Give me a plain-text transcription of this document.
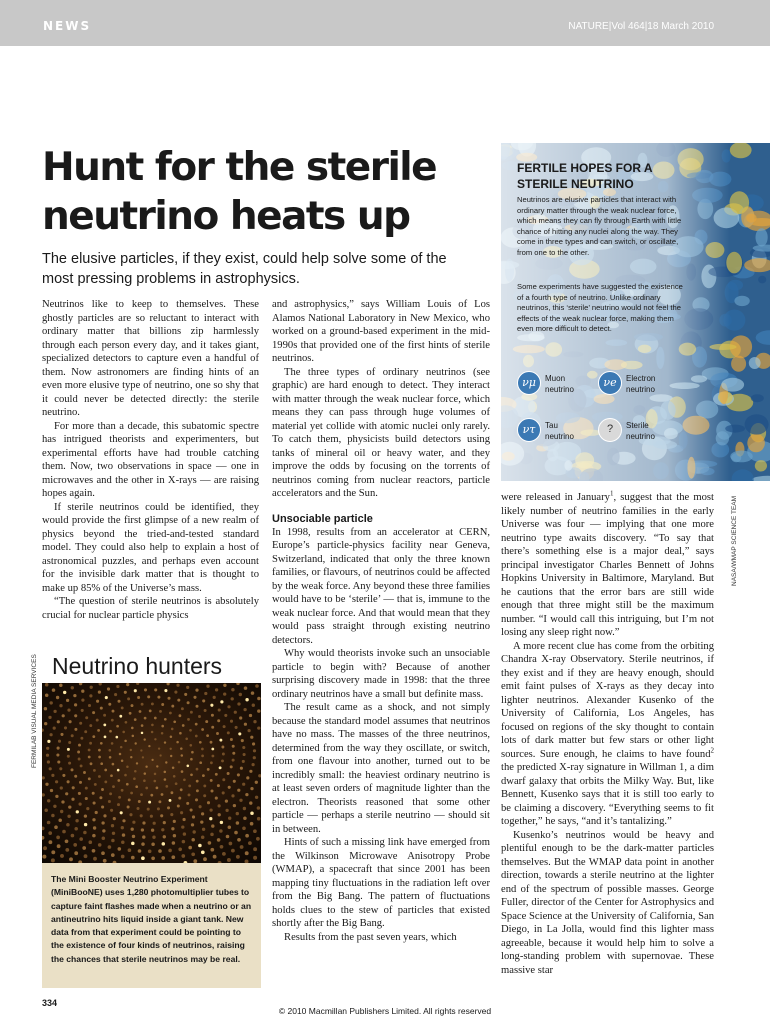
NEWS	NATURE|Vol 464|18 March 2010
Hunt for the sterile
neutrino heats up

The elusive particles, if they exist, could help solve some of the most pressing problems in astrophysics.

Neutrinos like to keep to themselves. These ghostly particles are so reluctant to interact with ordinary matter that billions zip harmlessly through each person every day, and it takes giant, specialized detectors to capture even a handful of them. Now astronomers are finding hints of an even more elusive type of neutrino, one so shy that it could never be detected directly: the sterile neutrino.

For more than a decade, this subatomic spectre has intrigued theorists and experimenters, but experimental efforts have had trouble catching them. Now, two observations in space — one in microwaves and the other in X-rays — are raising hopes again.

If sterile neutrinos could be identified, they would provide the first glimpse of a new realm of physics beyond the tried-and-tested standard model. They could also help to explain a host of astronomical puzzles, and perhaps even account for the invisible dark matter that is thought to make up 85% of the Universe’s mass.

“The question of sterile neutrinos is absolutely crucial for nuclear particle physics

Neutrino hunters
The Mini Booster Neutrino Experiment (MiniBooNE) uses 1,280 photomultiplier tubes to capture faint flashes made when a neutrino or an antineutrino hits liquid inside a giant tank. New data from that experiment could be pointing to the existence of four kinds of neutrinos, raising the chances that sterile neutrinos may be real.
FERMILAB VISUAL MEDIA SERVICES

and astrophysics,” says William Louis of Los Alamos National Laboratory in New Mexico, who worked on a ground-based experiment in the mid-1990s that provided one of the first hints of sterile neutrinos.

The three types of ordinary neutrinos (see graphic) are hard enough to detect. They interact with matter through the weak nuclear force, which means they can pass through huge volumes of material yet collide with atomic nuclei only rarely. To catch them, physicists build detectors using tanks of mineral oil or heavy water, and they improve the odds by focusing on the torrents of neutrinos coming from nuclear reactors, particle accelerators and the Sun.

Unsociable particle

In 1998, results from an accelerator at CERN, Europe’s particle-physics facility near Geneva, Switzerland, indicated that only the three known families, or flavours, of neutrinos could be affected by the weak force. Any beyond these three families would have to be ‘sterile’ — that is, immune to the weak nuclear force. And that would mean that they would pass straight through existing neutrino detectors.

Why would theorists invoke such an unsociable particle to begin with? Because of another surprising discovery made in 1998: that the three ordinary neutrinos have a small but definite mass.

The result came as a shock, and not simply because the standard model assumes that neutrinos have no mass. The masses of the three neutrinos, determined from the way they oscillate, or switch, from one flavour into another, turned out to be incredibly small: the heaviest ordinary neutrino is at least seven orders of magnitude lighter than the electron. Theorists reasoned that some other particle — perhaps a sterile neutrino — should sit in between.

Hints of such a missing link have emerged from the Wilkinson Microwave Anisotropy Probe (WMAP), a spacecraft that since 2001 has been mapping tiny fluctuations in the radiation left over from the Big Bang. The pattern of fluctuations holds clues to the stew of particles that existed shortly after the Big Bang.

Results from the past seven years, which

FERTILE HOPES FOR A
STERILE NEUTRINO

Neutrinos are elusive particles that interact with ordinary matter through the weak nuclear force, which means they can fly through Earth with little chance of hitting any nuclei along the way. They come in three types and can switch, or oscillate, from one to the other.

Some experiments have suggested the existence of a fourth type of neutrino. Unlike ordinary neutrinos, this ‘sterile’ neutrino would not feel the effects of the weak nuclear force, making them even more difficult to detect.

νμ	Muon
neutrino	νe	Electron
neutrino
ντ	Tau
neutrino
?	Sterile
neutrino
NASA/WMAP SCIENCE TEAM

were released in January$^1$, suggest that the most likely number of neutrino families in the early Universe was four — implying that one more neutrino type awaits discovery. “To say that there’s something else is a major deal,” says principal investigator Charles Bennett of Johns Hopkins University in Baltimore, Maryland. But he cautions that the error bars are still wide enough that three might still be the maximum number. “I would call this intriguing, but I’m not losing any sleep right now.”

A more recent clue has come from the orbiting Chandra X-ray Observatory. Sterile neutrinos, if they exist and if they are heavy enough, should emit faint pulses of X-rays as they decay into lighter neutrinos. Alexander Kusenko of the University of California, Los Angeles, has focused on regions of the sky thought to contain lots of dark matter but few stars or other light sources. Sure enough, he claims to have found$^2$ the predicted X-ray signature in Willman 1, a dim dwarf galaxy that orbits the Milky Way. But, like Bennett, Kusenko says that it is still too early to be claiming a discovery. “Everything seems to fit together,” he says, “and it’s tantalizing.”

Kusenko’s neutrinos would be heavy and plentiful enough to be the dark-matter particles themselves. But the WMAP data point in another direction, towards a sterile neutrino at the lighter end of the spectrum of possible masses. George Fuller, director of the Center for Astrophysics and Space Science at the University of California, San Diego, in La Jolla, would find this lighter mass agreeable, because it would help him to solve a long-standing problem with supernovae. These massive star

334
© 2010 Macmillan Publishers Limited. All rights reserved
